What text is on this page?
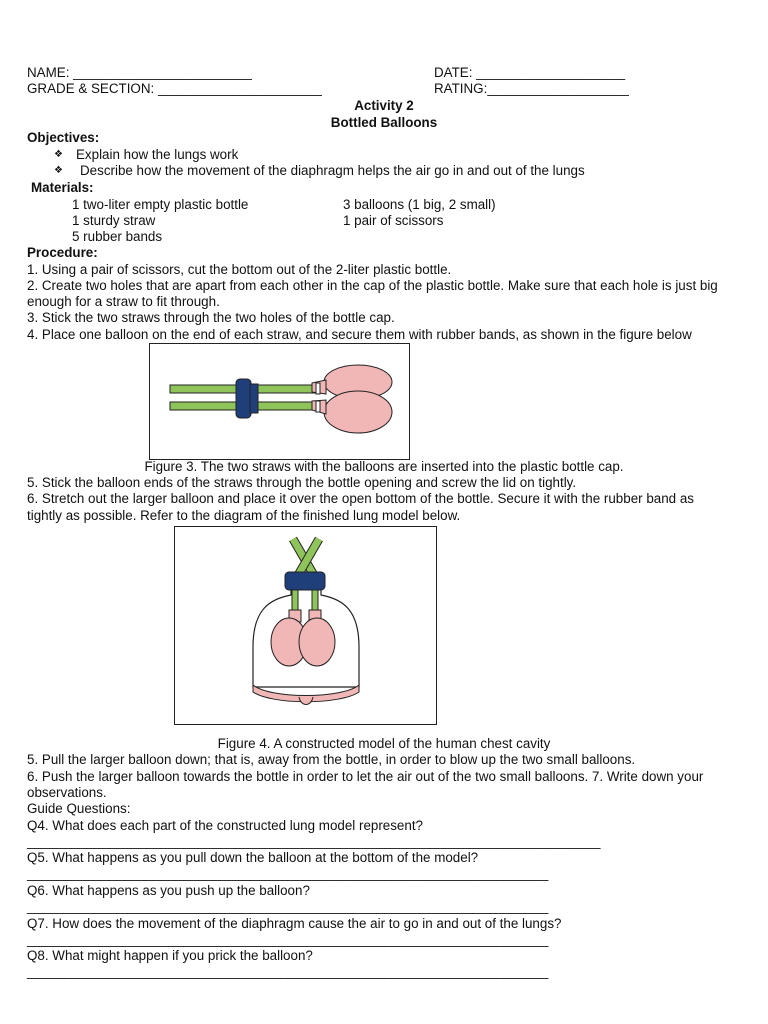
NAME: ________________________	DATE: ____________________
GRADE & SECTION: ______________________	RATING:___________________
Activity 2
Bottled Balloons
Objectives:
❖ Explain how the lungs work
❖ Describe how the movement of the diaphragm helps the air go in and out of the lungs
Materials:
1 two-liter empty plastic bottle	3 balloons (1 big, 2 small)
1 sturdy straw	1 pair of scissors
5 rubber bands
Procedure:
1. Using a pair of scissors, cut the bottom out of the 2-liter plastic bottle.
2. Create two holes that are apart from each other in the cap of the plastic bottle. Make sure that each hole is just big
enough for a straw to fit through.
3. Stick the two straws through the two holes of the bottle cap.
4. Place one balloon on the end of each straw, and secure them with rubber bands, as shown in the figure below
Figure 3. The two straws with the balloons are inserted into the plastic bottle cap.
5. Stick the balloon ends of the straws through the bottle opening and screw the lid on tightly.
6. Stretch out the larger balloon and place it over the open bottom of the bottle. Secure it with the rubber band as
tightly as possible. Refer to the diagram of the finished lung model below.
Figure 4. A constructed model of the human chest cavity
5. Pull the larger balloon down; that is, away from the bottle, in order to blow up the two small balloons.
6. Push the larger balloon towards the bottle in order to let the air out of the two small balloons. 7. Write down your
observations.
Guide Questions:
Q4. What does each part of the constructed lung model represent?
_____________________________________________________________________________
Q5. What happens as you pull down the balloon at the bottom of the model?
______________________________________________________________________
Q6. What happens as you push up the balloon?
______________________________________________________________________
Q7. How does the movement of the diaphragm cause the air to go in and out of the lungs?
______________________________________________________________________
Q8. What might happen if you prick the balloon?
______________________________________________________________________
